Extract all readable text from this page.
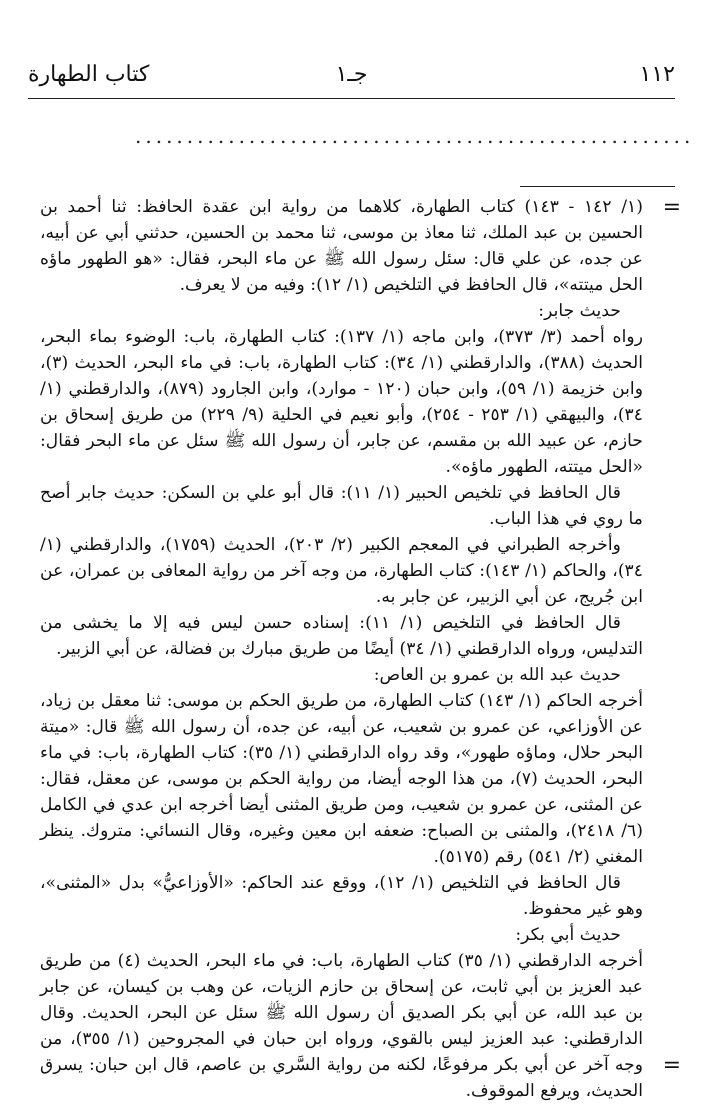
١١٢
جـ١
كتاب الطهارة
......................................................
=
=

(١/ ١٤٢ - ١٤٣) كتاب الطهارة، كلاهما من رواية ابن عقدة الحافظ: ثنا أحمد بن الحسين بن عبد الملك، ثنا معاذ بن موسى، ثنا محمد بن الحسين، حدثني أبي عن أبيه، عن جده، عن علي قال: سئل رسول الله ﷺ عن ماء البحر، فقال: «هو الطهور ماؤه الحل ميتته»، قال الحافظ في التلخيص (١/ ١٢): وفيه من لا يعرف.

حديث جابر:

رواه أحمد (٣/ ٣٧٣)، وابن ماجه (١/ ١٣٧): كتاب الطهارة، باب: الوضوء بماء البحر، الحديث (٣٨٨)، والدارقطني (١/ ٣٤): كتاب الطهارة، باب: في ماء البحر، الحديث (٣)، وابن خزيمة (١/ ٥٩)، وابن حبان (١٢٠ - موارد)، وابن الجارود (٨٧٩)، والدارقطني (١/ ٣٤)، والبيهقي (١/ ٢٥٣ - ٢٥٤)، وأبو نعيم في الحلية (٩/ ٢٢٩) من طريق إسحاق بن حازم، عن عبيد الله بن مقسم، عن جابر، أن رسول الله ﷺ سئل عن ماء البحر فقال: «الحل ميتته، الطهور ماؤه».

قال الحافظ في تلخيص الحبير (١/ ١١): قال أبو علي بن السكن: حديث جابر أصح ما روي في هذا الباب.

وأخرجه الطبراني في المعجم الكبير (٢/ ٢٠٣)، الحديث (١٧٥٩)، والدارقطني (١/ ٣٤)، والحاكم (١/ ١٤٣): كتاب الطهارة، من وجه آخر من رواية المعافى بن عمران، عن ابن جُريج، عن أبي الزبير، عن جابر به.

قال الحافظ في التلخيص (١/ ١١): إسناده حسن ليس فيه إلا ما يخشى من التدليس، ورواه الدارقطني (١/ ٣٤) أيضًا من طريق مبارك بن فضالة، عن أبي الزبير.

حديث عبد الله بن عمرو بن العاص:

أخرجه الحاكم (١/ ١٤٣) كتاب الطهارة، من طريق الحكم بن موسى: ثنا معقل بن زياد، عن الأوزاعي، عن عمرو بن شعيب، عن أبيه، عن جده، أن رسول الله ﷺ قال: «ميتة البحر حلال، وماؤه طهور»، وقد رواه الدارقطني (١/ ٣٥): كتاب الطهارة، باب: في ماء البحر، الحديث (٧)، من هذا الوجه أيضا، من رواية الحكم بن موسى، عن معقل، فقال: عن المثنى، عن عمرو بن شعيب، ومن طريق المثنى أيضا أخرجه ابن عدي في الكامل (٦/ ٢٤١٨)، والمثنى بن الصباح: ضعفه ابن معين وغيره، وقال النسائي: متروك. ينظر المغني (٢/ ٥٤١) رقم (٥١٧٥).

قال الحافظ في التلخيص (١/ ١٢)، ووقع عند الحاكم: «الأوزاعيُّ» بدل «المثنى»، وهو غير محفوظ.

حديث أبي بكر:

أخرجه الدارقطني (١/ ٣٥) كتاب الطهارة، باب: في ماء البحر، الحديث (٤) من طريق عبد العزيز بن أبي ثابت، عن إسحاق بن حازم الزيات، عن وهب بن كيسان، عن جابر بن عبد الله، عن أبي بكر الصديق أن رسول الله ﷺ سئل عن البحر، الحديث. وقال الدارقطني: عبد العزيز ليس بالقوي، ورواه ابن حبان في المجروحين (١/ ٣٥٥)، من وجه آخر عن أبي بكر مرفوعًا، لكنه من رواية السَّري بن عاصم، قال ابن حبان: يسرق الحديث، ويرفع الموقوف.
